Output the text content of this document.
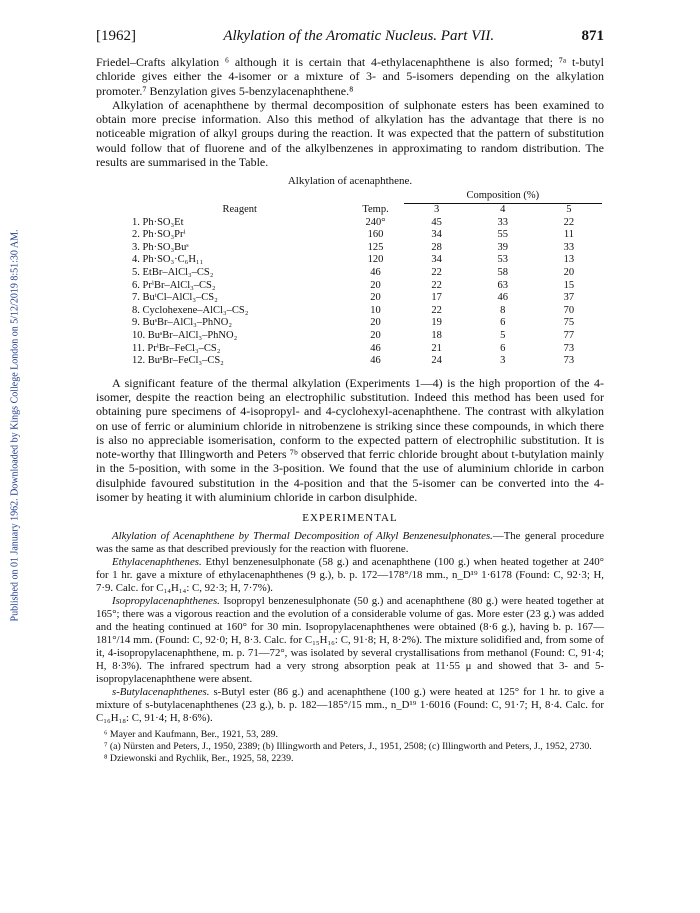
Published on 01 January 1962. Downloaded by Kings College London on 5/12/2019 8:51:30 AM.
[1962]	Alkylation of the Aromatic Nucleus. Part VII.	871

Friedel–Crafts alkylation ⁶ although it is certain that 4-ethylacenaphthene is also formed; ⁷ᵃ t-butyl chloride gives either the 4-isomer or a mixture of 3- and 5-isomers depending on the alkylation promoter.⁷ Benzylation gives 5-benzylacenaphthene.⁸

Alkylation of acenaphthene by thermal decomposition of sulphonate esters has been examined to obtain more precise information. Also this method of alkylation has the advantage that there is no noticeable migration of alkyl groups during the reaction. It was expected that the pattern of substitution would follow that of fluorene and of the alkylbenzenes in approximating to random distribution. The results are summarised in the Table.

Alkylation of acenaphthene.

		Composition (%)		

Reagent	Temp.	3	4	5
1. Ph·SO₃Et	240°	45	33	22
2. Ph·SO₃Prⁱ	160	34	55	11
3. Ph·SO₃Buˢ	125	28	39	33
4. Ph·SO₃·C₆H₁₁	120	34	53	13
5. EtBr–AlCl₃–CS₂	46	22	58	20
6. PrⁱBr–AlCl₃–CS₂	20	22	63	15
7. BuᵗCl–AlCl₃–CS₂	20	17	46	37
8. Cyclohexene–AlCl₃–CS₂	10	22	8	70
9. BuˢBr–AlCl₃–PhNO₂	20	19	6	75
10. BuˢBr–AlCl₃–PhNO₂	20	18	5	77
11. PrⁱBr–FeCl₃–CS₂	46	21	6	73
12. BuˢBr–FeCl₃–CS₂	46	24	3	73

A significant feature of the thermal alkylation (Experiments 1—4) is the high proportion of the 4-isomer, despite the reaction being an electrophilic substitution. Indeed this method has been used for obtaining pure specimens of 4-isopropyl- and 4-cyclohexyl-acenaphthene. The contrast with alkylation on use of ferric or aluminium chloride in nitrobenzene is striking since these compounds, in which there is also no appreciable isomerisation, conform to the expected pattern of electrophilic substitution. It is note-worthy that Illingworth and Peters ⁷ᵇ observed that ferric chloride brought about t-butylation mainly in the 5-position, with some in the 3-position. We found that the use of aluminium chloride in carbon disulphide favoured substitution in the 4-position and that the 5-isomer can be converted into the 4-isomer by heating it with aluminium chloride in carbon disulphide.

EXPERIMENTAL

Alkylation of Acenaphthene by Thermal Decomposition of Alkyl Benzenesulphonates.—The general procedure was the same as that described previously for the reaction with fluorene.

Ethylacenaphthenes. Ethyl benzenesulphonate (58 g.) and acenaphthene (100 g.) when heated together at 240° for 1 hr. gave a mixture of ethylacenaphthenes (9 g.), b. p. 172—178°/18 mm., n_D¹⁹ 1·6178 (Found: C, 92·3; H, 7·9. Calc. for C₁₄H₁₄: C, 92·3; H, 7·7%).

Isopropylacenaphthenes. Isopropyl benzenesulphonate (50 g.) and acenaphthene (80 g.) were heated together at 165°; there was a vigorous reaction and the evolution of a considerable volume of gas. More ester (23 g.) was added and the heating continued at 160° for 30 min. Isopropylacenaphthenes were obtained (8·6 g.), having b. p. 167—181°/14 mm. (Found: C, 92·0; H, 8·3. Calc. for C₁₅H₁₆: C, 91·8; H, 8·2%). The mixture solidified and, from some of it, 4-isopropylacenaphthene, m. p. 71—72°, was isolated by several crystallisations from methanol (Found: C, 91·4; H, 8·3%). The infrared spectrum had a very strong absorption peak at 11·55 μ and showed that 3- and 5-isopropylacenaphthene were absent.

s-Butylacenaphthenes. s-Butyl ester (86 g.) and acenaphthene (100 g.) were heated at 125° for 1 hr. to give a mixture of s-butylacenaphthenes (23 g.), b. p. 182—185°/15 mm., n_D¹⁹ 1·6016 (Found: C, 91·7; H, 8·4. Calc. for C₁₆H₁₈: C, 91·4; H, 8·6%).

⁶ Mayer and Kaufmann, Ber., 1921, 53, 289.
⁷ (a) Nürsten and Peters, J., 1950, 2389; (b) Illingworth and Peters, J., 1951, 2508; (c) Illingworth and Peters, J., 1952, 2730.
⁸ Dziewonski and Rychlik, Ber., 1925, 58, 2239.
